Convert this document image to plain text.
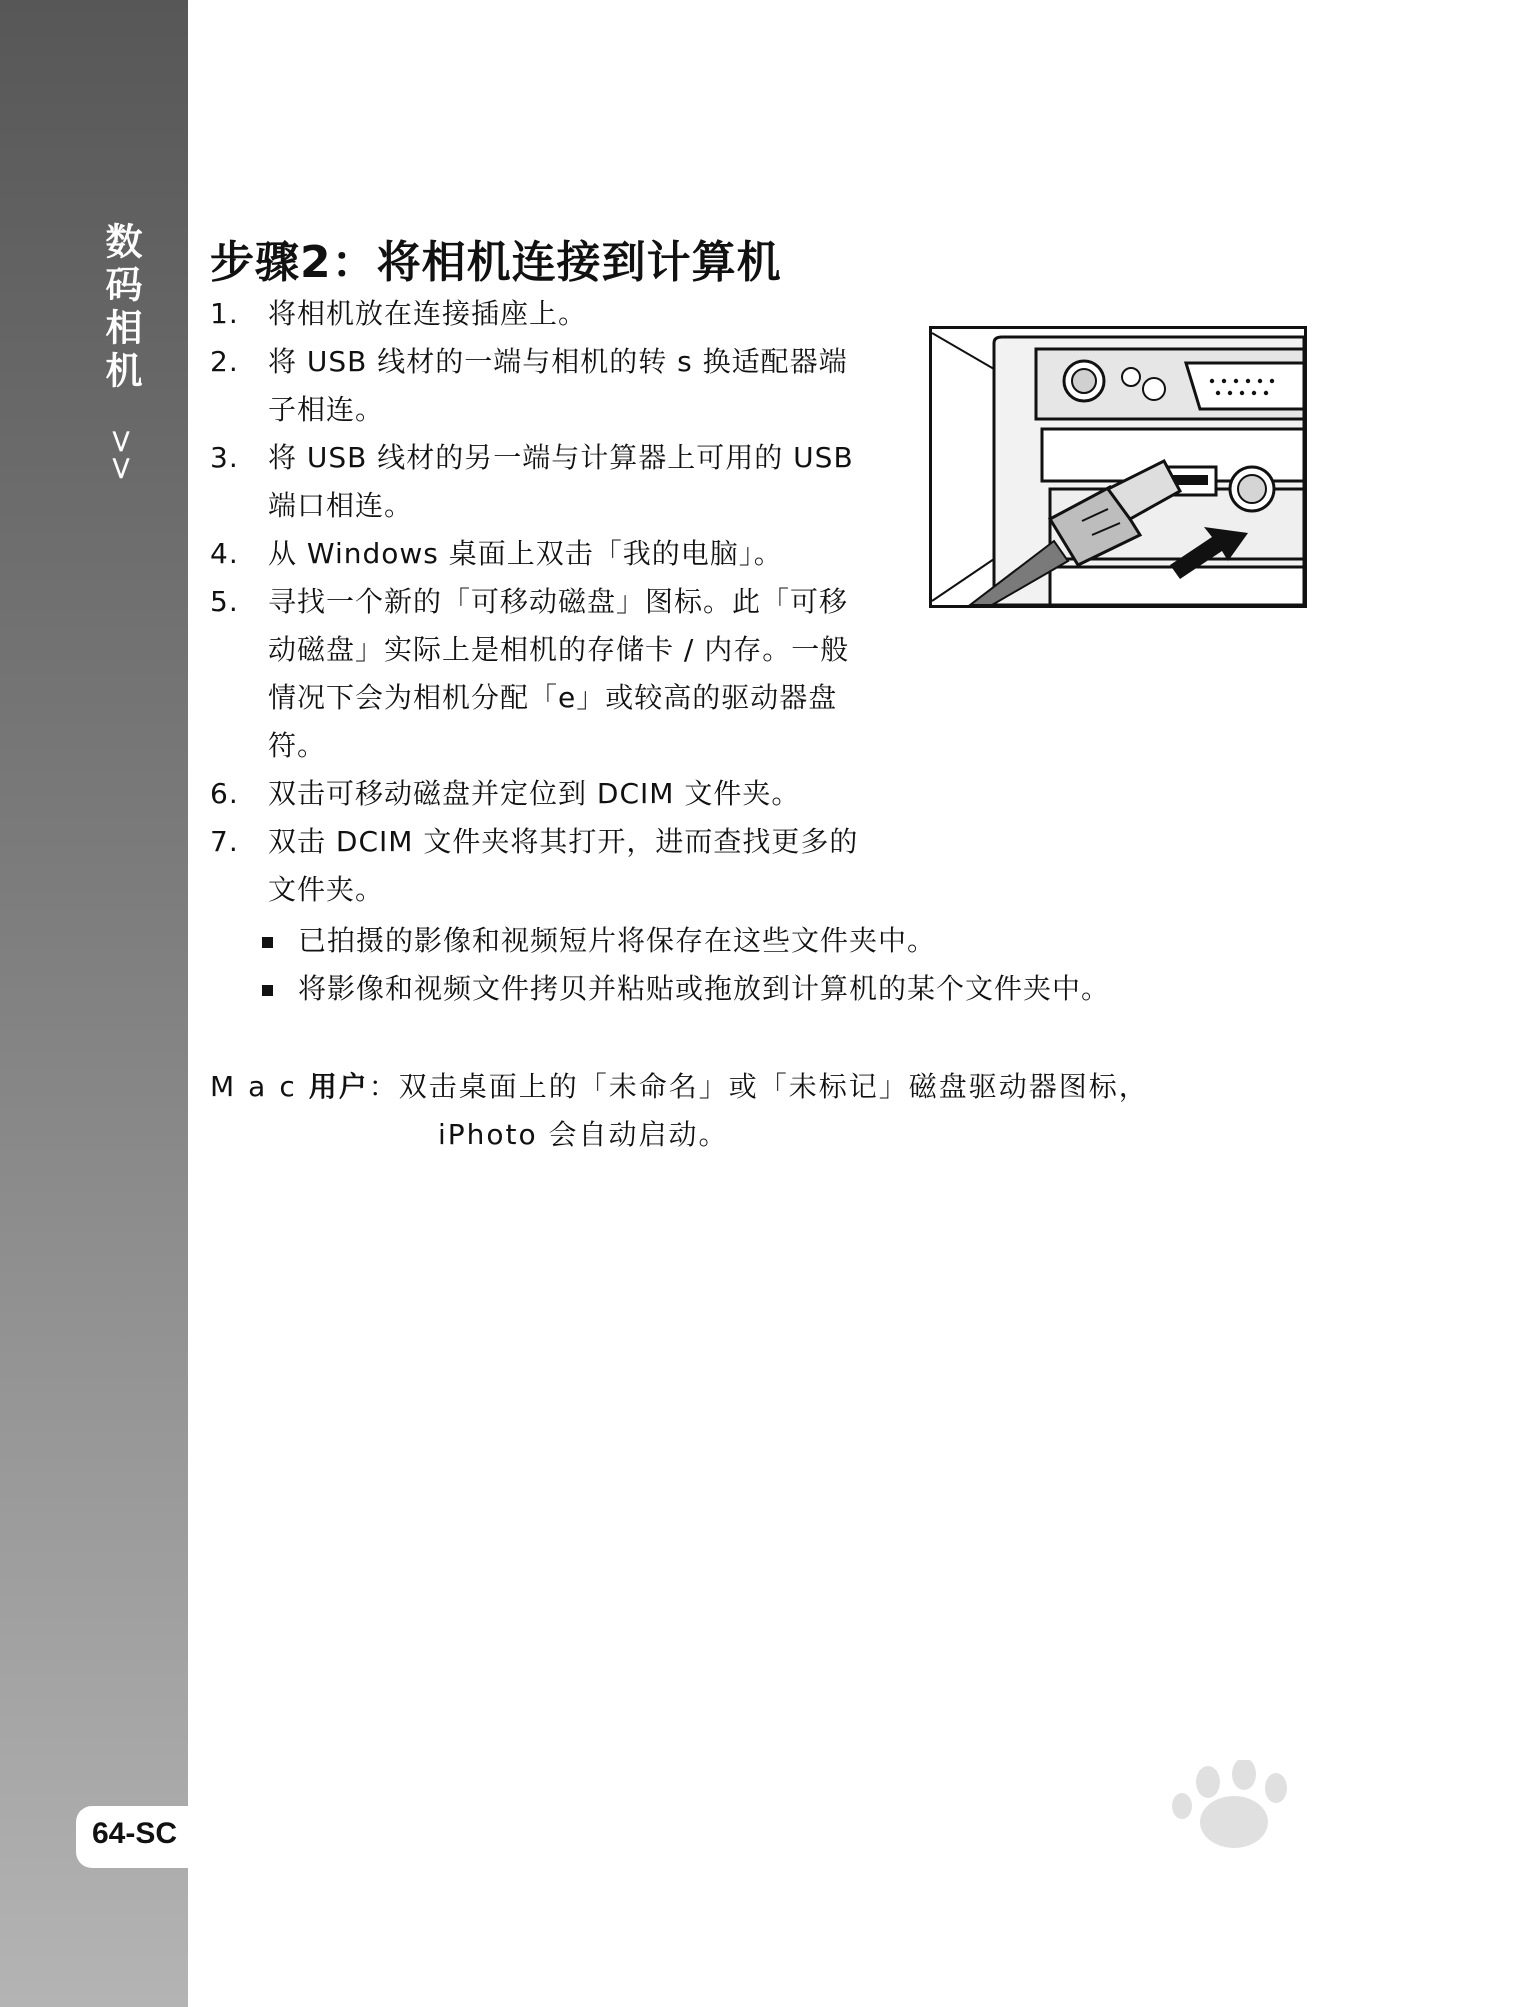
数码相机
>>
64-SC
步骤2：将相机连接到计算机
1. 将相机放在连接插座上。
2. 将 USB 线材的一端与相机的转 s 换适配器端子相连。
3. 将 USB 线材的另一端与计算器上可用的 USB 端口相连。
4. 从 Windows 桌面上双击「我的电脑」。
5. 寻找一个新的「可移动磁盘」图标。此「可移动磁盘」实际上是相机的存储卡 / 内存。一般情况下会为相机分配「e」或较高的驱动器盘符。
6. 双击可移动磁盘并定位到 DCIM 文件夹。
7. 双击 DCIM 文件夹将其打开，进而查找更多的文件夹。
已拍摄的影像和视频短片将保存在这些文件夹中。
将影像和视频文件拷贝并粘贴或拖放到计算机的某个文件夹中。
Mac用户：双击桌面上的「未命名」或「未标记」磁盘驱动器图标，
iPhoto 会自动启动。
